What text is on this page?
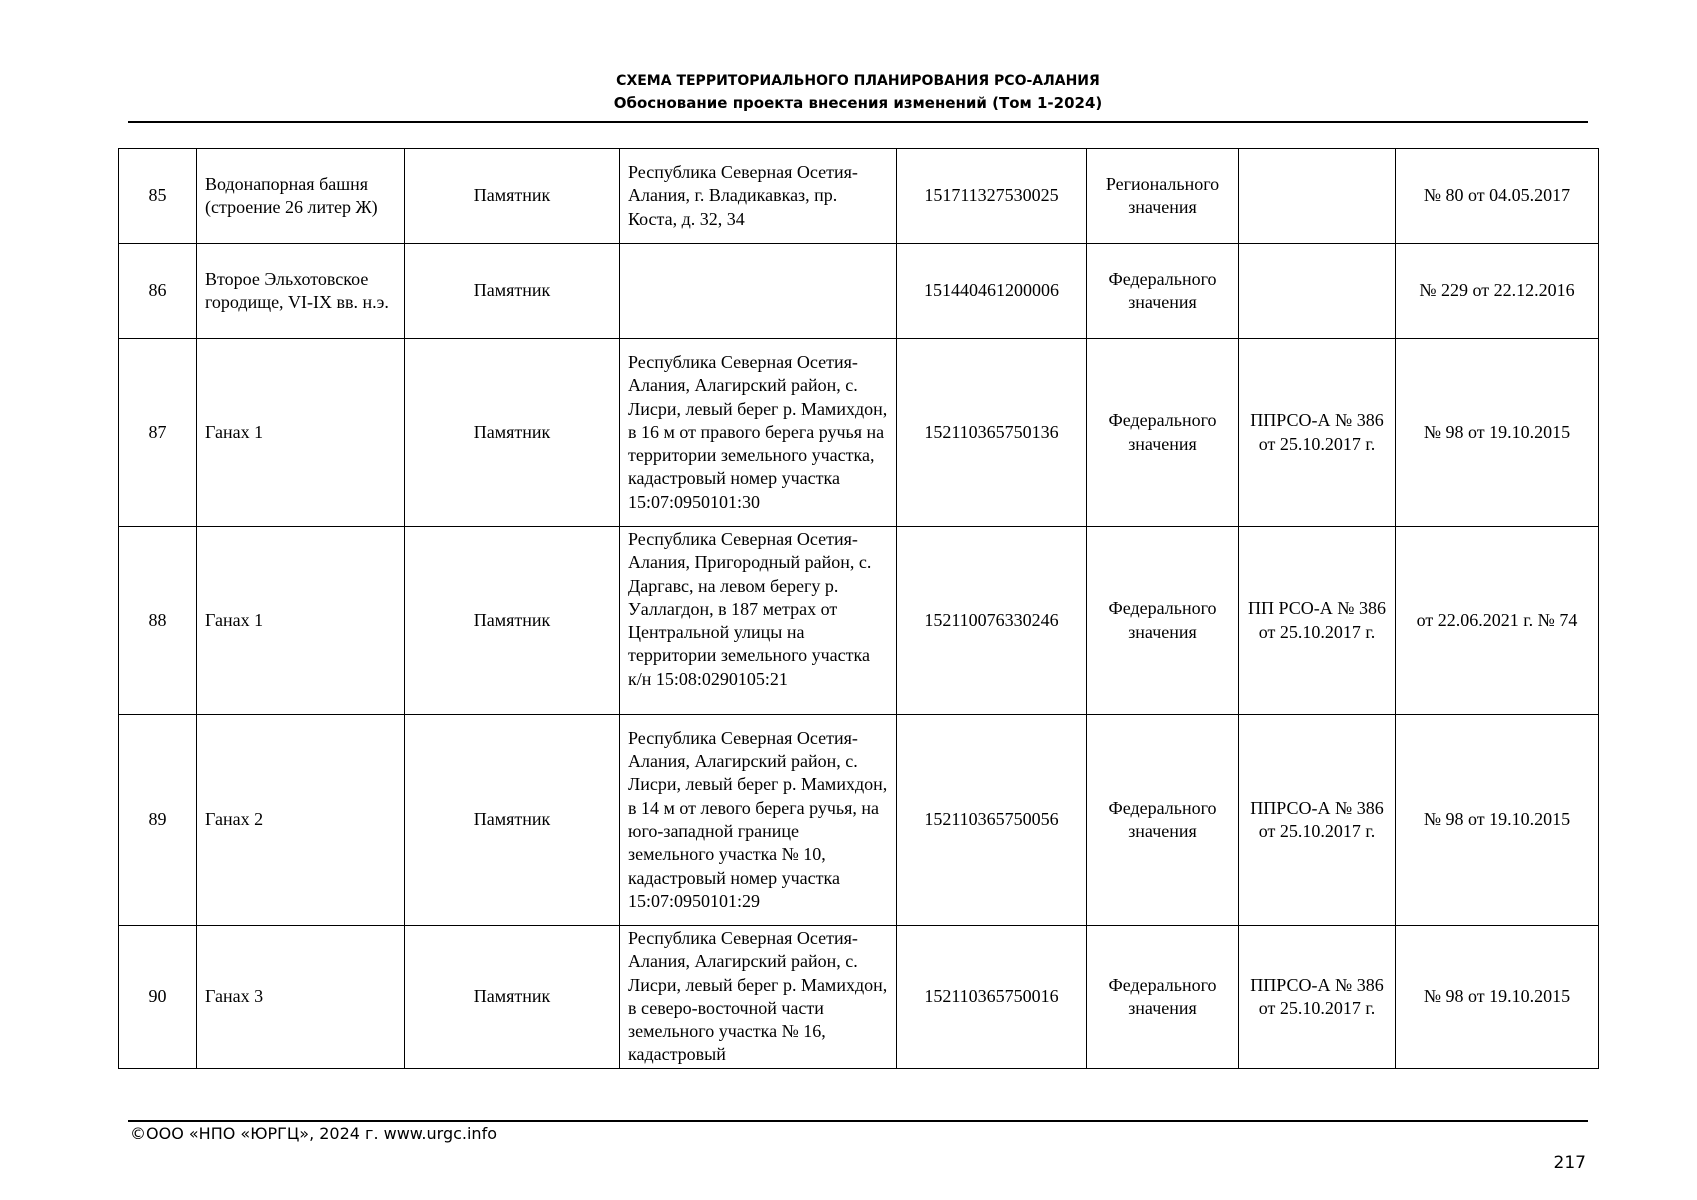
СХЕМА ТЕРРИТОРИАЛЬНОГО ПЛАНИРОВАНИЯ РСО-АЛАНИЯ
Обоснование проекта внесения изменений (Том 1-2024)
85	Водонапорная башня (строение 26 литер Ж)	Памятник	Республика Северная Осетия-Алания, г. Владикавказ, пр. Коста, д. 32, 34	151711327530025	Регионального значения		№ 80 от 04.05.2017
86	Второе Эльхотовское городище, VI-IX вв. н.э.	Памятник		151440461200006	Федерального значения		№ 229 от 22.12.2016
87	Ганах 1	Памятник	Республика Северная Осетия-Алания, Алагирский район, с. Лисри, левый берег р. Мамихдон, в 16 м от правого берега ручья на территории земельного участка, кадастровый номер участка 15:07:0950101:30	152110365750136	Федерального значения	ППРСО-А № 386 от 25.10.2017 г.	№ 98 от 19.10.2015
88	Ганах 1	Памятник	Республика Северная Осетия-Алания, Пригородный район, с. Даргавс, на левом берегу р. Уаллагдон, в 187 метрах от Центральной улицы на территории земельного участка к/н 15:08:0290105:21	152110076330246	Федерального значения	ПП РСО-А № 386 от 25.10.2017 г.	от 22.06.2021 г. № 74
89	Ганах 2	Памятник	Республика Северная Осетия-Алания, Алагирский район, с. Лисри, левый берег р. Мамихдон, в 14 м от левого берега ручья, на юго-западной границе земельного участка № 10, кадастровый номер участка 15:07:0950101:29	152110365750056	Федерального значения	ППРСО-А № 386 от 25.10.2017 г.	№ 98 от 19.10.2015
90	Ганах 3	Памятник	Республика Северная Осетия-Алания, Алагирский район, с. Лисри, левый берег р. Мамихдон, в северо-восточной части земельного участка № 16, кадастровый	152110365750016	Федерального значения	ППРСО-А № 386 от 25.10.2017 г.	№ 98 от 19.10.2015
©ООО «НПО «ЮРГЦ», 2024 г. www.urgc.info
217
